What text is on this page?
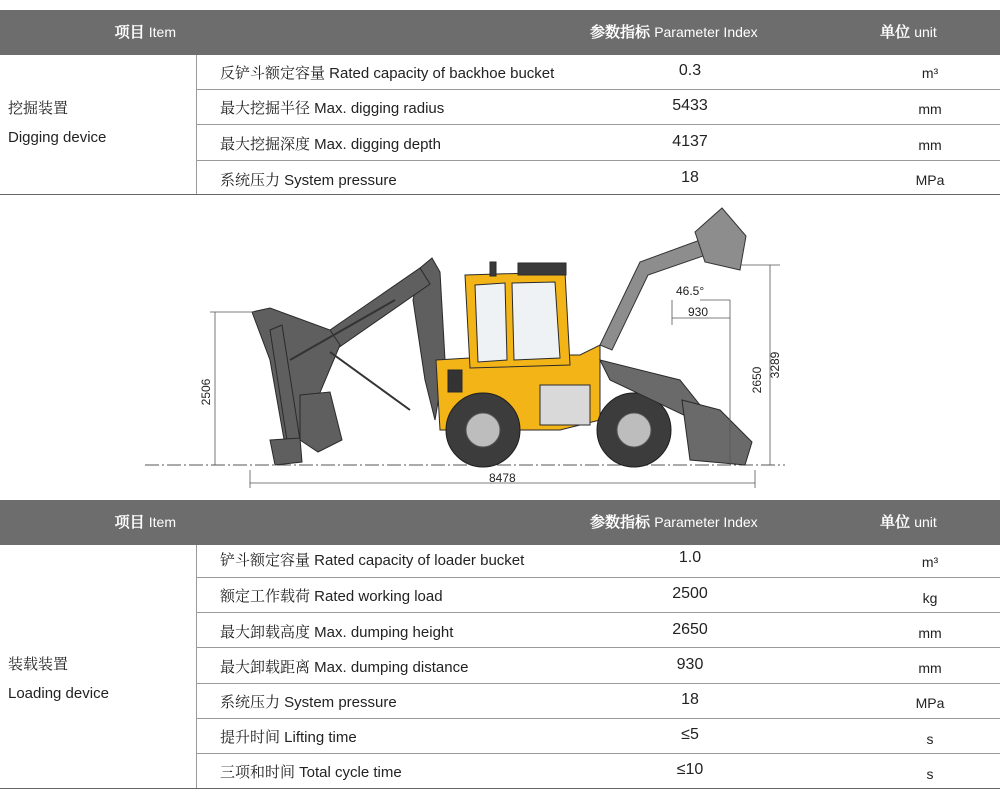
项目 Item	参数指标 Parameter Index	单位 unit
挖掘装置
Digging device
反铲斗额定容量 Rated capacity of backhoe bucket	0.3	m³
最大挖掘半径 Max. digging radius	5433	mm
最大挖掘深度 Max. digging depth	4137	mm
系统压力 System pressure	18	MPa
8478
2506	2650
3289
930
46.5°
项目 Item	参数指标 Parameter Index	单位 unit
装载装置
Loading device
铲斗额定容量 Rated capacity of loader bucket	1.0	m³
额定工作载荷 Rated working load	2500	kg
最大卸载高度 Max. dumping height	2650	mm
最大卸载距离 Max. dumping distance	930	mm
系统压力 System pressure	18	MPa
提升时间 Lifting time	≤5	s
三项和时间 Total cycle time	≤10	s
